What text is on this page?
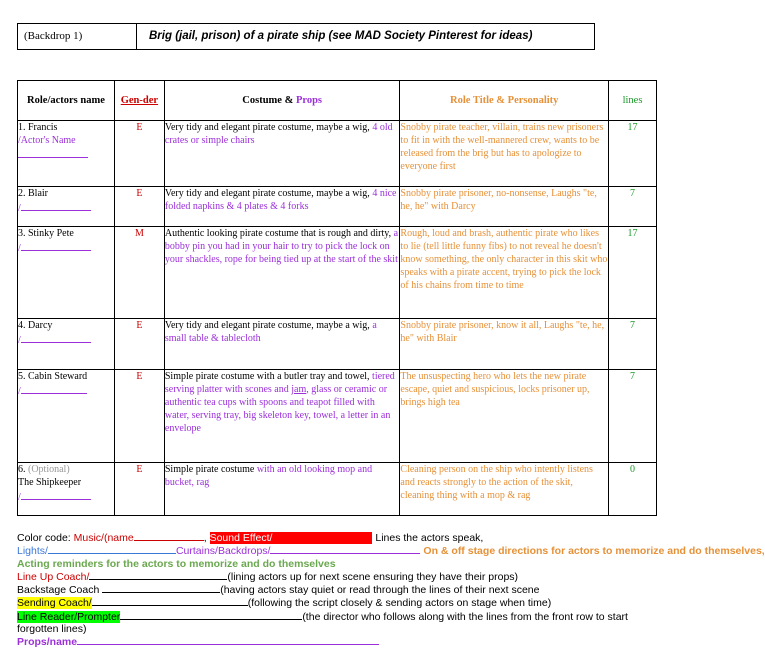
(Backdrop 1)	Brig (jail, prison) of a pirate ship (see MAD Society Pinterest for ideas)
Role/actors name	Gen-der	Costume & Props	Role Title & Personality	lines
1. Francis
/Actor's Name	E	Very tidy and elegant pirate costume, maybe a wig, 4 old crates or simple chairs	Snobby pirate teacher, villain, trains new prisoners to fit in with the well-mannered crew, wants to be released from the brig but has to apologize to everyone first	17
2. Blair
/	E	Very tidy and elegant pirate costume, maybe a wig, 4 nice folded napkins & 4 plates & 4 forks	Snobby pirate prisoner, no-nonsense, Laughs "te, he, he" with Darcy	7
3. Stinky Pete
/	M	Authentic looking pirate costume that is rough and dirty, a bobby pin you had in your hair to try to pick the lock on your shackles, rope for being tied up at the start of the skit	Rough, loud and brash, authentic pirate who likes to lie (tell little funny fibs) to not reveal he doesn't know something, the only character in this skit who speaks with a pirate accent, trying to pick the lock of his chains from time to time	17
4. Darcy
/	E	Very tidy and elegant pirate costume, maybe a wig, a small table & tablecloth	Snobby pirate prisoner, know it all, Laughs "te, he, he" with Blair	7
5. Cabin Steward
/	E	Simple pirate costume with a butler tray and towel, tiered serving platter with scones and jam, glass or ceramic or authentic tea cups with spoons and teapot filled with water, serving tray, big skeleton key, towel, a letter in an envelope	The unsuspecting hero who lets the new pirate escape, quiet and suspicious, locks prisoner up, brings high tea	7
6. (Optional)
The Shipkeeper
/	E	Simple pirate costume with an old looking mop and bucket, rag	Cleaning person on the ship who intently listens and reacts strongly to the action of the skit, cleaning thing with a mop & rag	0
Color code: Music/(name	, Sound Effect/	Lines the actors speak,
Lights/	Curtains/Backdrops/	On & off stage directions for actors to memorize and do themselves,
Acting reminders for the actors to memorize and do themselves
Line Up Coach/	(lining actors up for next scene ensuring they have their props)
Backstage Coach	(having actors stay quiet or read through the lines of their next scene
Sending Coach/	(following the script closely & sending actors on stage when time)
Line Reader/Prompter	(the director who follows along with the lines from the front row to start forgotten lines)
Props/name
